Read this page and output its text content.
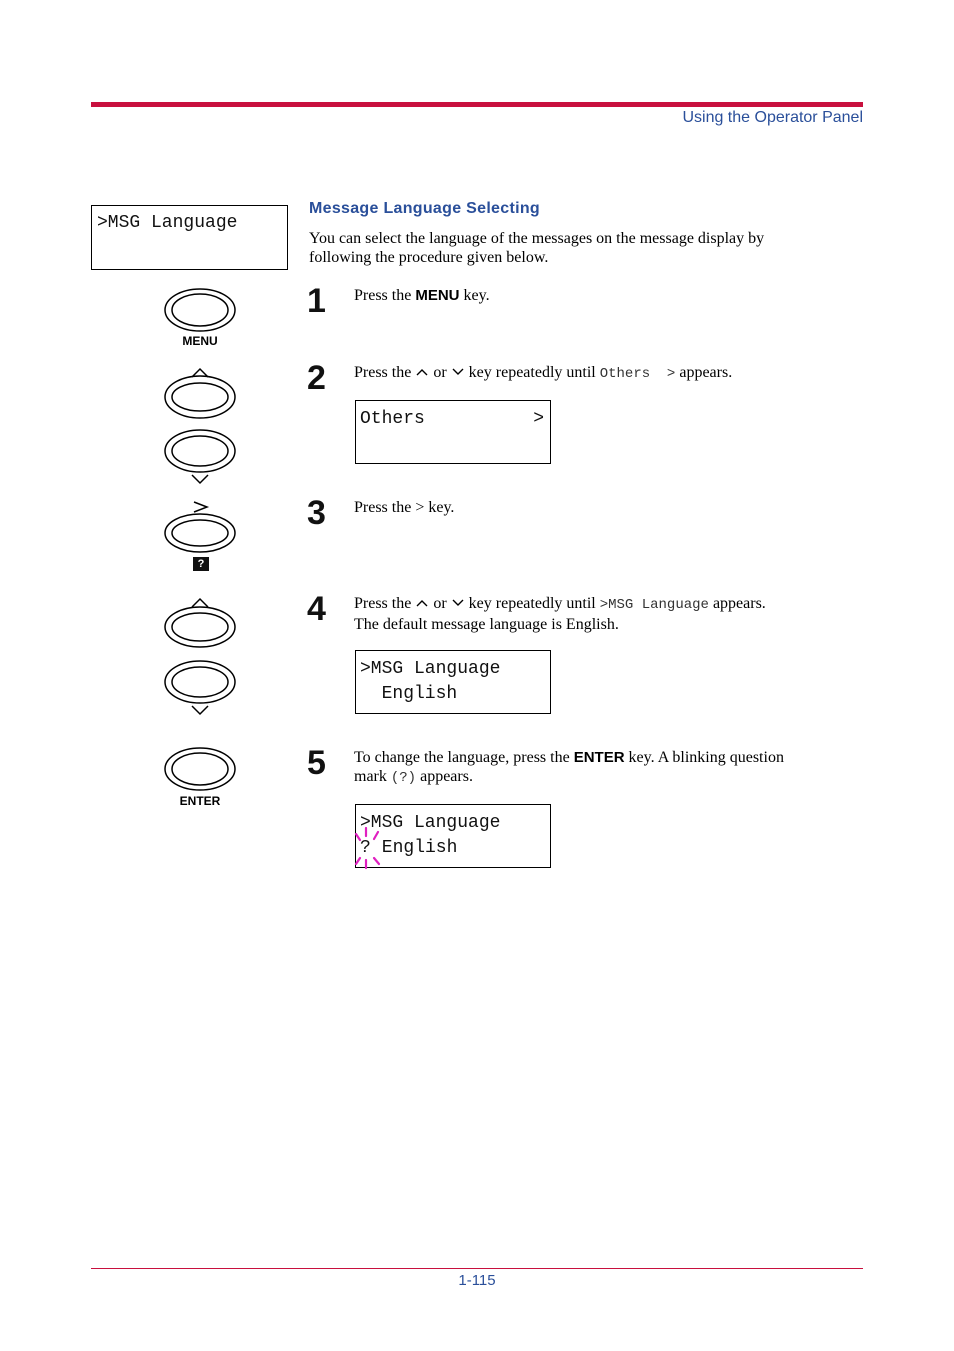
Using the Operator Panel
>MSG Language
Message Language Selecting
You can select the language of the messages on the message display by
following the procedure given below.
MENU
?
ENTER
1 Press the MENU key.
2 Press the  or key repeatedly until Others  > appears.
Others	>
3 Press the > key.
4 Press the  or key repeatedly until >MSG Language appears.
The default message language is English.
>MSG Language
English
5 To change the language, press the ENTER key. A blinking question
mark (?) appears.
>MSG Language
? English
1-115
